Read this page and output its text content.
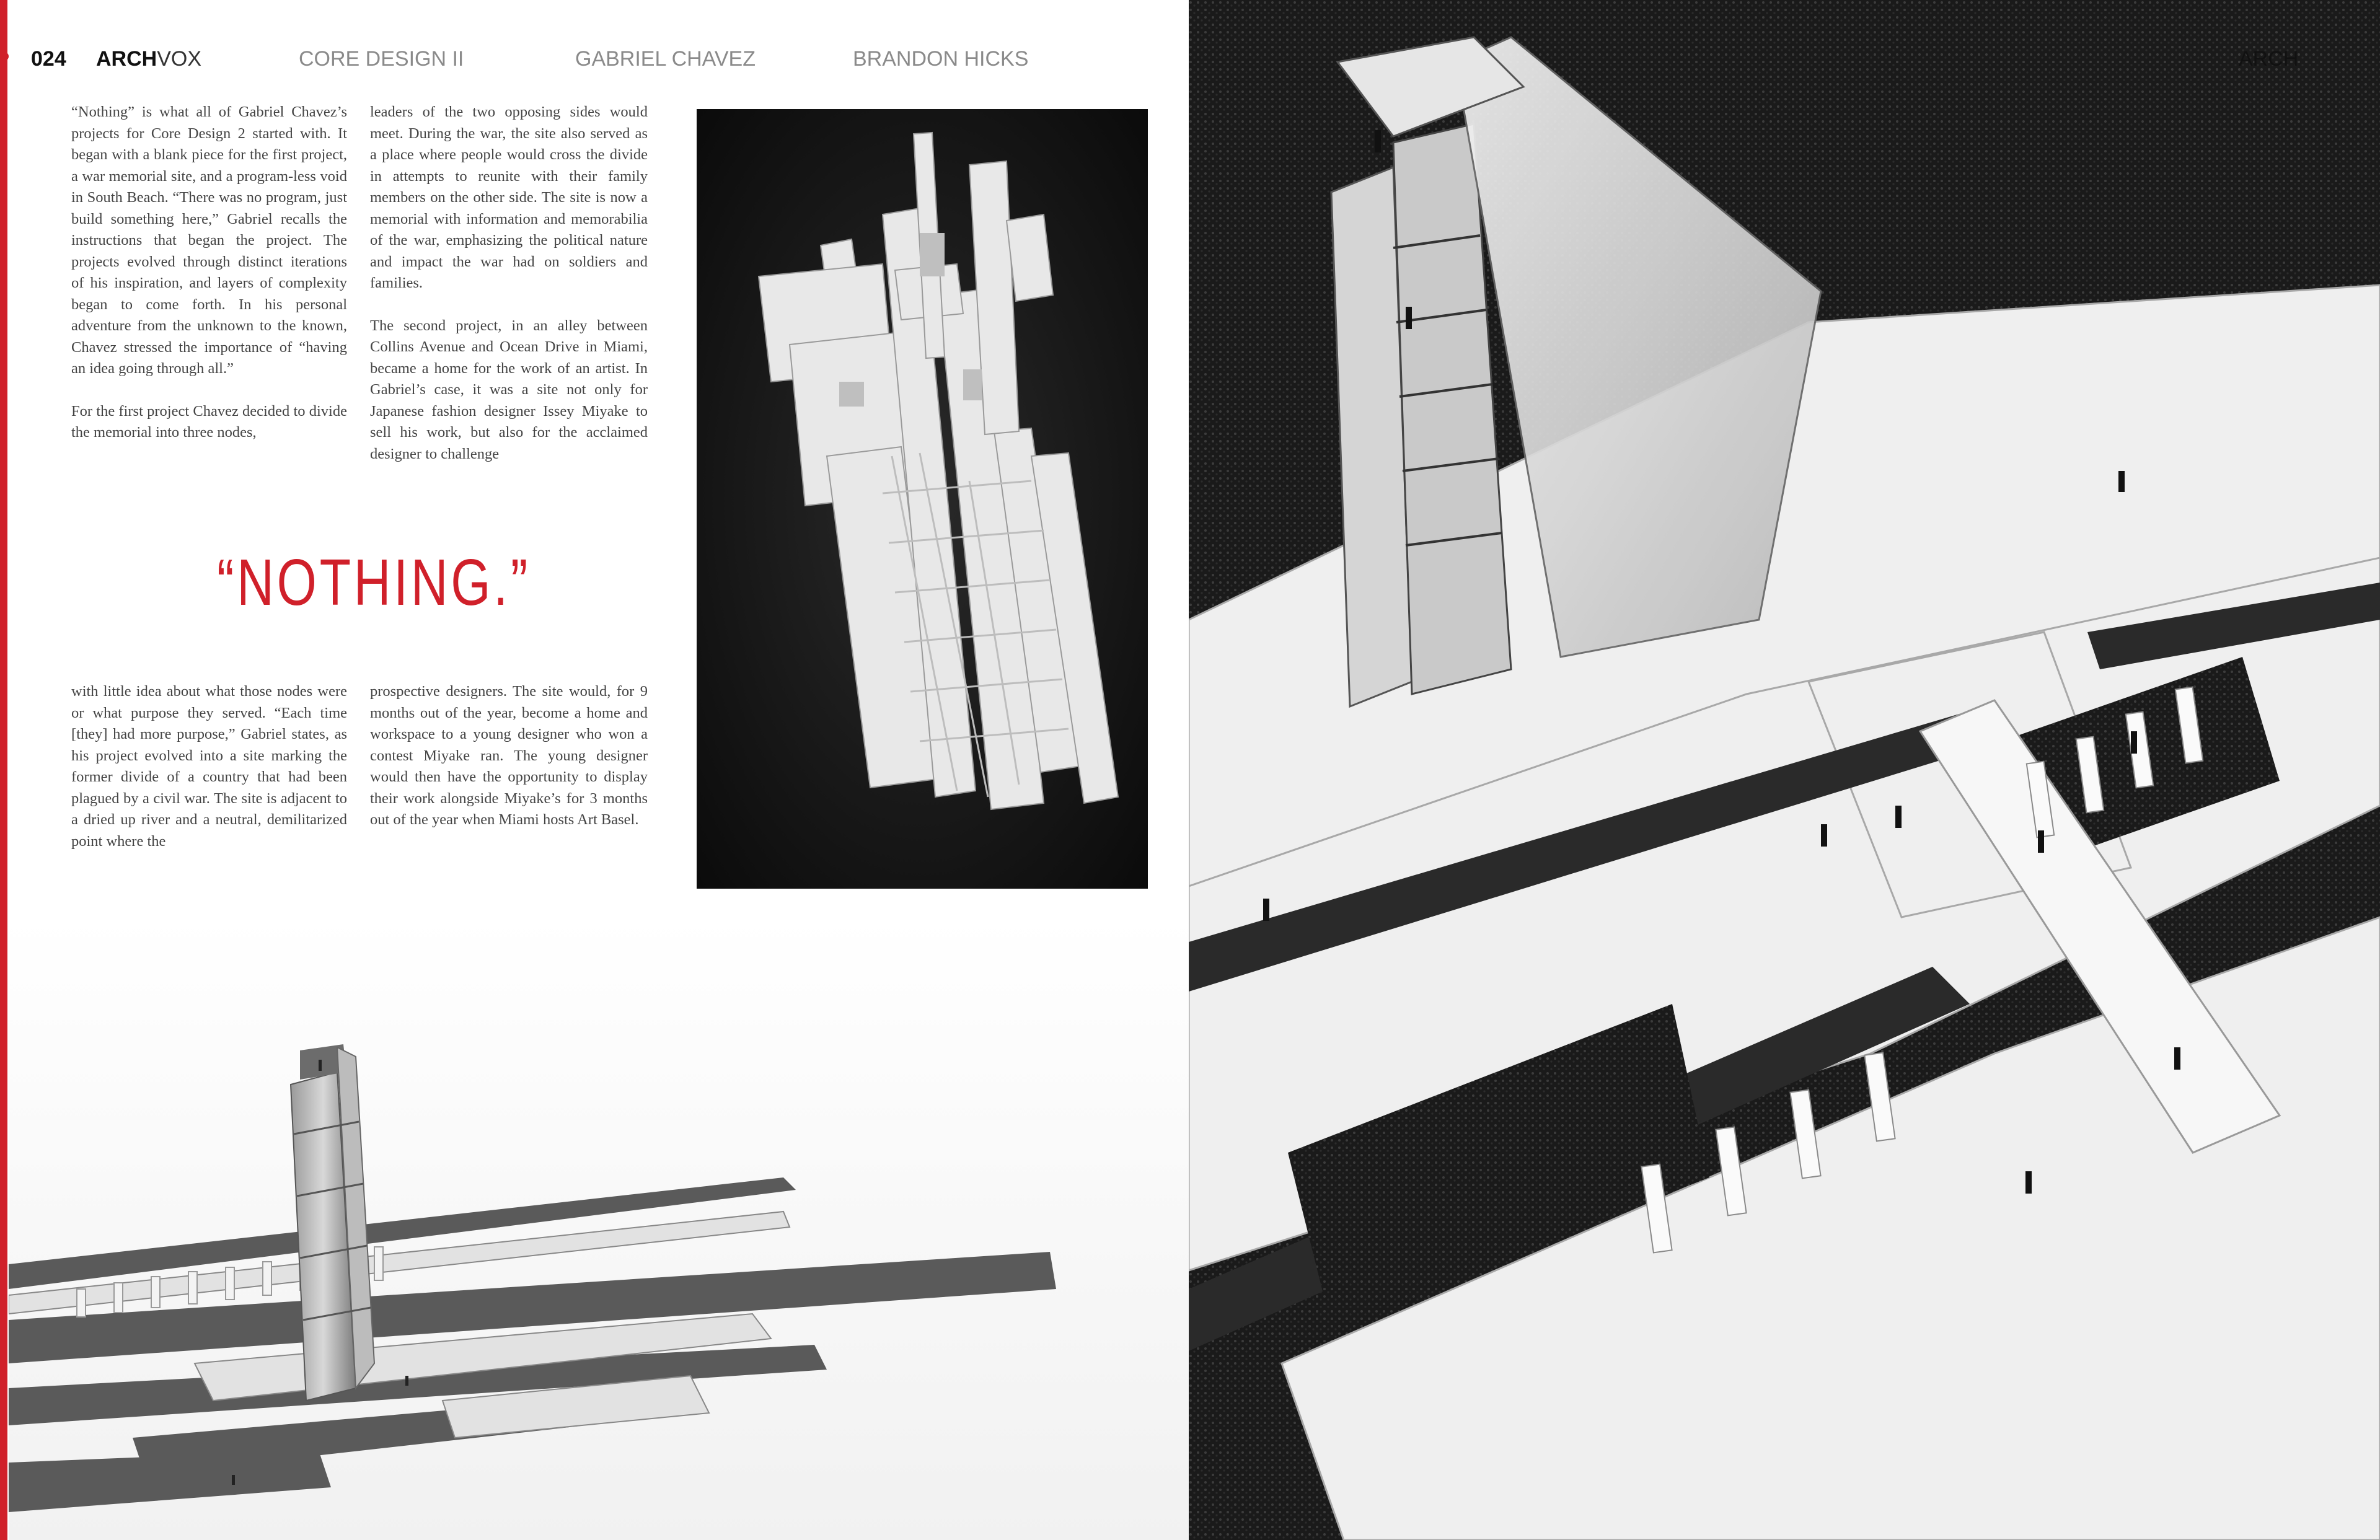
024 ARCH VOX	CORE DESIGN II	GABRIEL CHAVEZ	BRANDON HICKS

“Nothing” is what all of Gabriel Chavez’s projects for Core Design 2 started with. It began with a blank piece for the first project, a war memorial site, and a program-less void in South Beach. “There was no program, just build something here,” Gabriel recalls the instructions that began the project. The projects evolved through distinct iterations of his inspiration, and layers of complexity began to come forth. In his personal adventure from the unknown to the known, Chavez stressed the importance of “having an idea going through all.”

For the first project Chavez decided to divide the memorial into three nodes,

leaders of the two opposing sides would meet. During the war, the site also served as a place where people would cross the divide in attempts to reunite with their family members on the other side. The site is now a memorial with information and memorabilia of the war, emphasizing the political nature and impact the war had on soldiers and families.

The second project, in an alley between Collins Avenue and Ocean Drive in Miami, became a home for the work of an artist. In Gabriel’s case, it was a site not only for Japanese fashion designer Issey Miyake to sell his work, but also for the acclaimed designer to challenge

“NOTHING.”

with little idea about what those nodes were or what purpose they served. “Each time [they] had more purpose,” Gabriel states, as his project evolved into a site marking the former divide of a country that had been plagued by a civil war. The site is adjacent to a dried up river and a neutral, demilitarized point where the

prospective designers. The site would, for 9 months out of the year, become a home and workspace to a young designer who won a contest Miyake ran. The young designer would then have the opportunity to display their work alongside Miyake’s for 3 months out of the year when Miami hosts Art Basel.

ARCH
